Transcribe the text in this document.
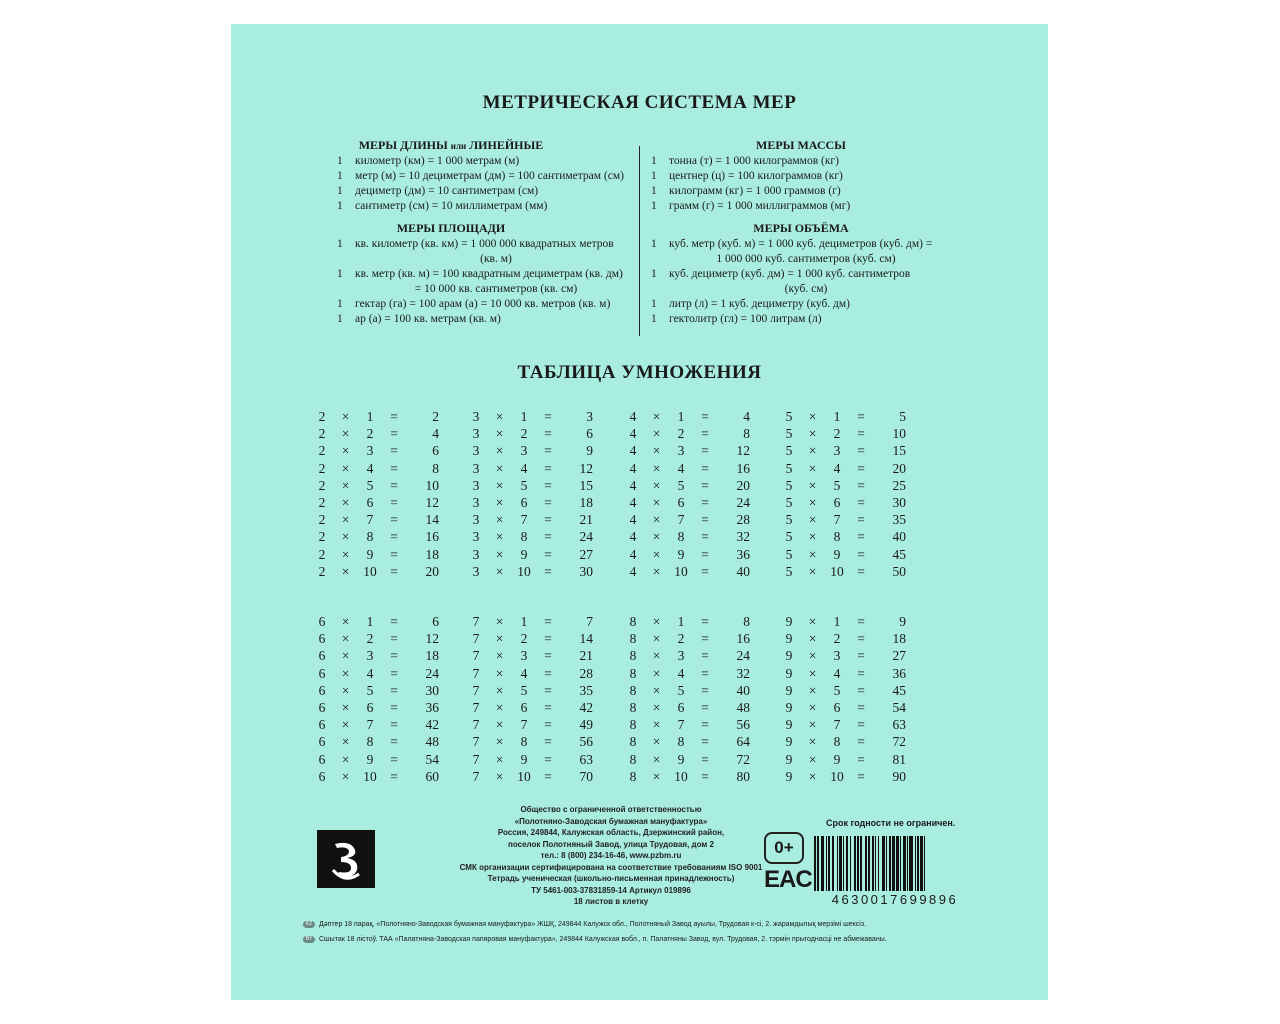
МЕТРИЧЕСКАЯ СИСТЕМА МЕР
МЕРЫ ДЛИНЫ или ЛИНЕЙНЫЕ
1	километр (км) = 1 000 метрам (м)
1	метр (м) = 10 дециметрам (дм) = 100 сантиметрам (см)
1	дециметр (дм) = 10 сантиметрам (см)
1	сантиметр (см) = 10 миллиметрам (мм)
МЕРЫ ПЛОЩАДИ
1	кв. километр (кв. км) = 1 000 000 квадратных метров
(кв. м)
1	кв. метр (кв. м) = 100 квадратным дециметрам (кв. дм)
= 10 000 кв. сантиметров (кв. см)
1	гектар (га) = 100 арам (а) = 10 000 кв. метров (кв. м)
1	ар (а) = 100 кв. метрам (кв. м)
МЕРЫ МАССЫ
1	тонна (т) = 1 000 килограммов (кг)
1	центнер (ц) = 100 килограммов (кг)
1	килограмм (кг) = 1 000 граммов (г)
1	грамм (г) = 1 000 миллиграммов (мг)
МЕРЫ ОБЪЁМА
1	куб. метр (куб. м) = 1 000 куб. дециметров (куб. дм) =
1 000 000 куб. сантиметров (куб. см)
1	куб. дециметр (куб. дм) = 1 000 куб. сантиметров
(куб. см)
1	литр (л) = 1 куб. дециметру (куб. дм)
1	гектолитр (гл) = 100 литрам (л)
ТАБЛИЦА УМНОЖЕНИЯ
2	×	1	=	2
2	×	2	=	4
2	×	3	=	6
2	×	4	=	8
2	×	5	=	10
2	×	6	=	12
2	×	7	=	14
2	×	8	=	16
2	×	9	=	18
2	×	10 =	20
3	×	1	=	3
3	×	2	=	6
3	×	3	=	9
3	×	4	=	12
3	×	5	=	15
3	×	6	=	18
3	×	7	=	21
3	×	8	=	24
3	×	9	=	27
3	×	10 =	30
4	×	1	=	4
4	×	2	=	8
4	×	3	=	12
4	×	4	=	16
4	×	5	=	20
4	×	6	=	24
4	×	7	=	28
4	×	8	=	32
4	×	9	=	36
4	×	10 =	40
5	×	1	=	5
5	×	2	=	10
5	×	3	=	15
5	×	4	=	20
5	×	5	=	25
5	×	6	=	30
5	×	7	=	35
5	×	8	=	40
5	×	9	=	45
5	×	10 =	50
6	×	1	=	6
6	×	2	=	12
6	×	3	=	18
6	×	4	=	24
6	×	5	=	30
6	×	6	=	36
6	×	7	=	42
6	×	8	=	48
6	×	9	=	54
6	×	10 =	60
7	×	1	=	7
7	×	2	=	14
7	×	3	=	21
7	×	4	=	28
7	×	5	=	35
7	×	6	=	42
7	×	7	=	49
7	×	8	=	56
7	×	9	=	63
7	×	10 =	70
8	×	1	=	8
8	×	2	=	16
8	×	3	=	24
8	×	4	=	32
8	×	5	=	40
8	×	6	=	48
8	×	7	=	56
8	×	8	=	64
8	×	9	=	72
8	×	10 =	80
9	×	1	=	9
9	×	2	=	18
9	×	3	=	27
9	×	4	=	36
9	×	5	=	45
9	×	6	=	54
9	×	7	=	63
9	×	8	=	72
9	×	9	=	81
9	×	10 =	90
Общество с ограниченной ответственностью
«Полотняно-Заводская бумажная мануфактура»
Россия, 249844, Калужская область, Дзержинский район,
поселок Полотняный Завод, улица Трудовая, дом 2
тел.: 8 (800) 234-16-46, www.pzbm.ru
СМК организации сертифицирована на соответствие требованиям ISO 9001
Тетрадь ученическая (школьно-письменная принадлежность)
ТУ 5461-003-37831859-14 Артикул 019896
18 листов в клетку
0+
EAC
Срок годности не ограничен.
4630017699896
KZ Дәптер 18 парақ, «Полотняно-Заводская бумажная мануфактура» ЖШҚ, 249844 Калужск обл., Полотняный Завод ауылы, Трудовая к-сі, 2. жарамдылық мерзімі шексіз.
BY Сшытак 18 лістоў. ТАА «Палатняна-Заводская папяровая мануфактура», 249844 Калужская вобл., п. Палатняны Завод, вул. Трудовая, 2. тэрмін прыгоднасці не абмежаваны.
